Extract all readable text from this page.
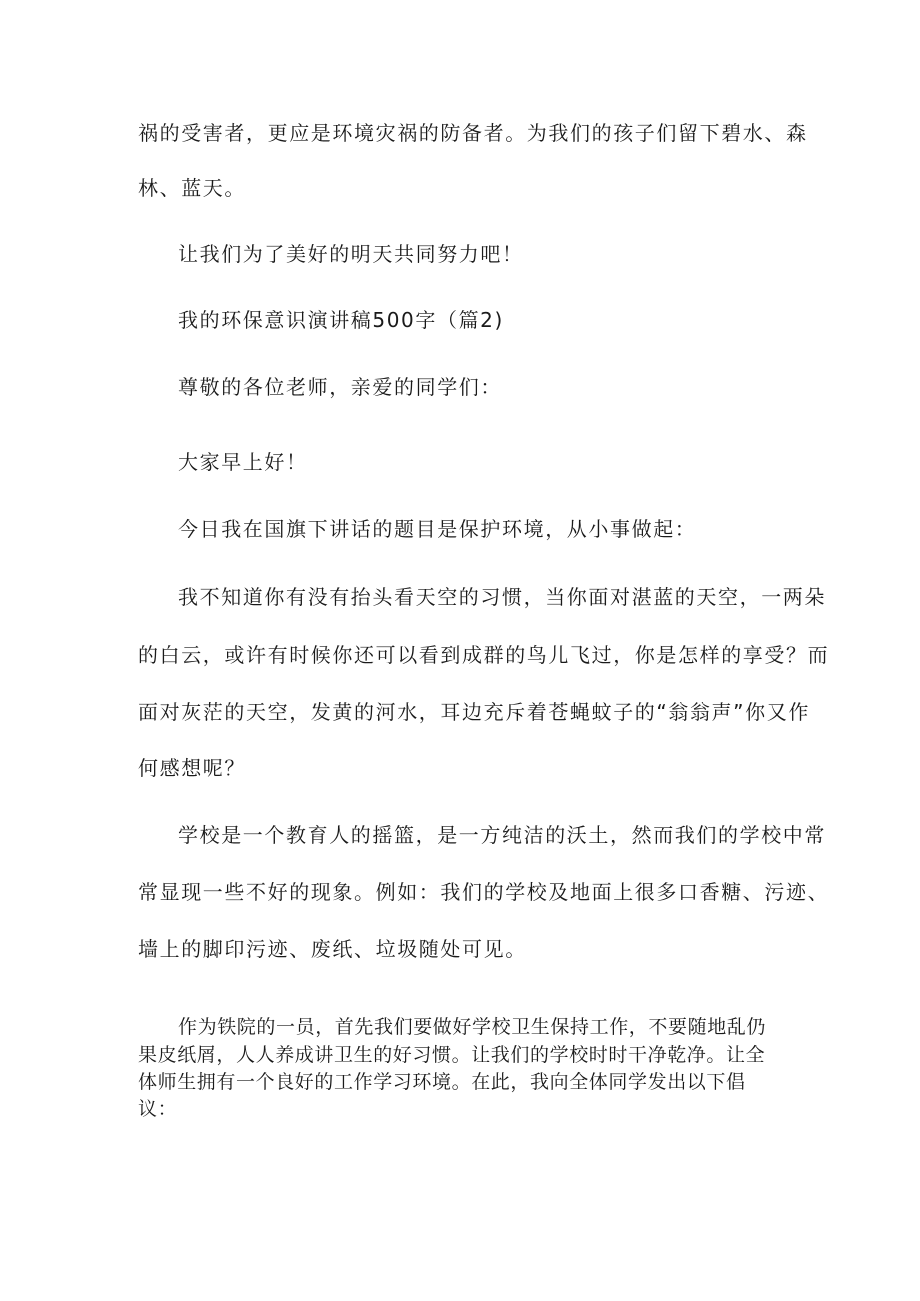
祸的受害者，更应是环境灾祸的防备者。为我们的孩子们留下碧水、森

林、蓝天。

让我们为了美好的明天共同努力吧！

我的环保意识演讲稿500字（篇2)

尊敬的各位老师，亲爱的同学们：

大家早上好！

今日我在国旗下讲话的题目是保护环境，从小事做起：

我不知道你有没有抬头看天空的习惯，当你面对湛蓝的天空，一两朵

的白云，或许有时候你还可以看到成群的鸟儿飞过，你是怎样的享受？而

面对灰茫的天空，发黄的河水，耳边充斥着苍蝇蚊子的“翁翁声”你又作

何感想呢？

学校是一个教育人的摇篮，是一方纯洁的沃土，然而我们的学校中常

常显现一些不好的现象。例如：我们的学校及地面上很多口香糖、污迹、

墙上的脚印污迹、废纸、垃圾随处可见。

作为铁院的一员，首先我们要做好学校卫生保持工作，不要随地乱仍

果皮纸屑，人人养成讲卫生的好习惯。让我们的学校时时干净乾净。让全

体师生拥有一个良好的工作学习环境。在此，我向全体同学发出以下倡

议：
